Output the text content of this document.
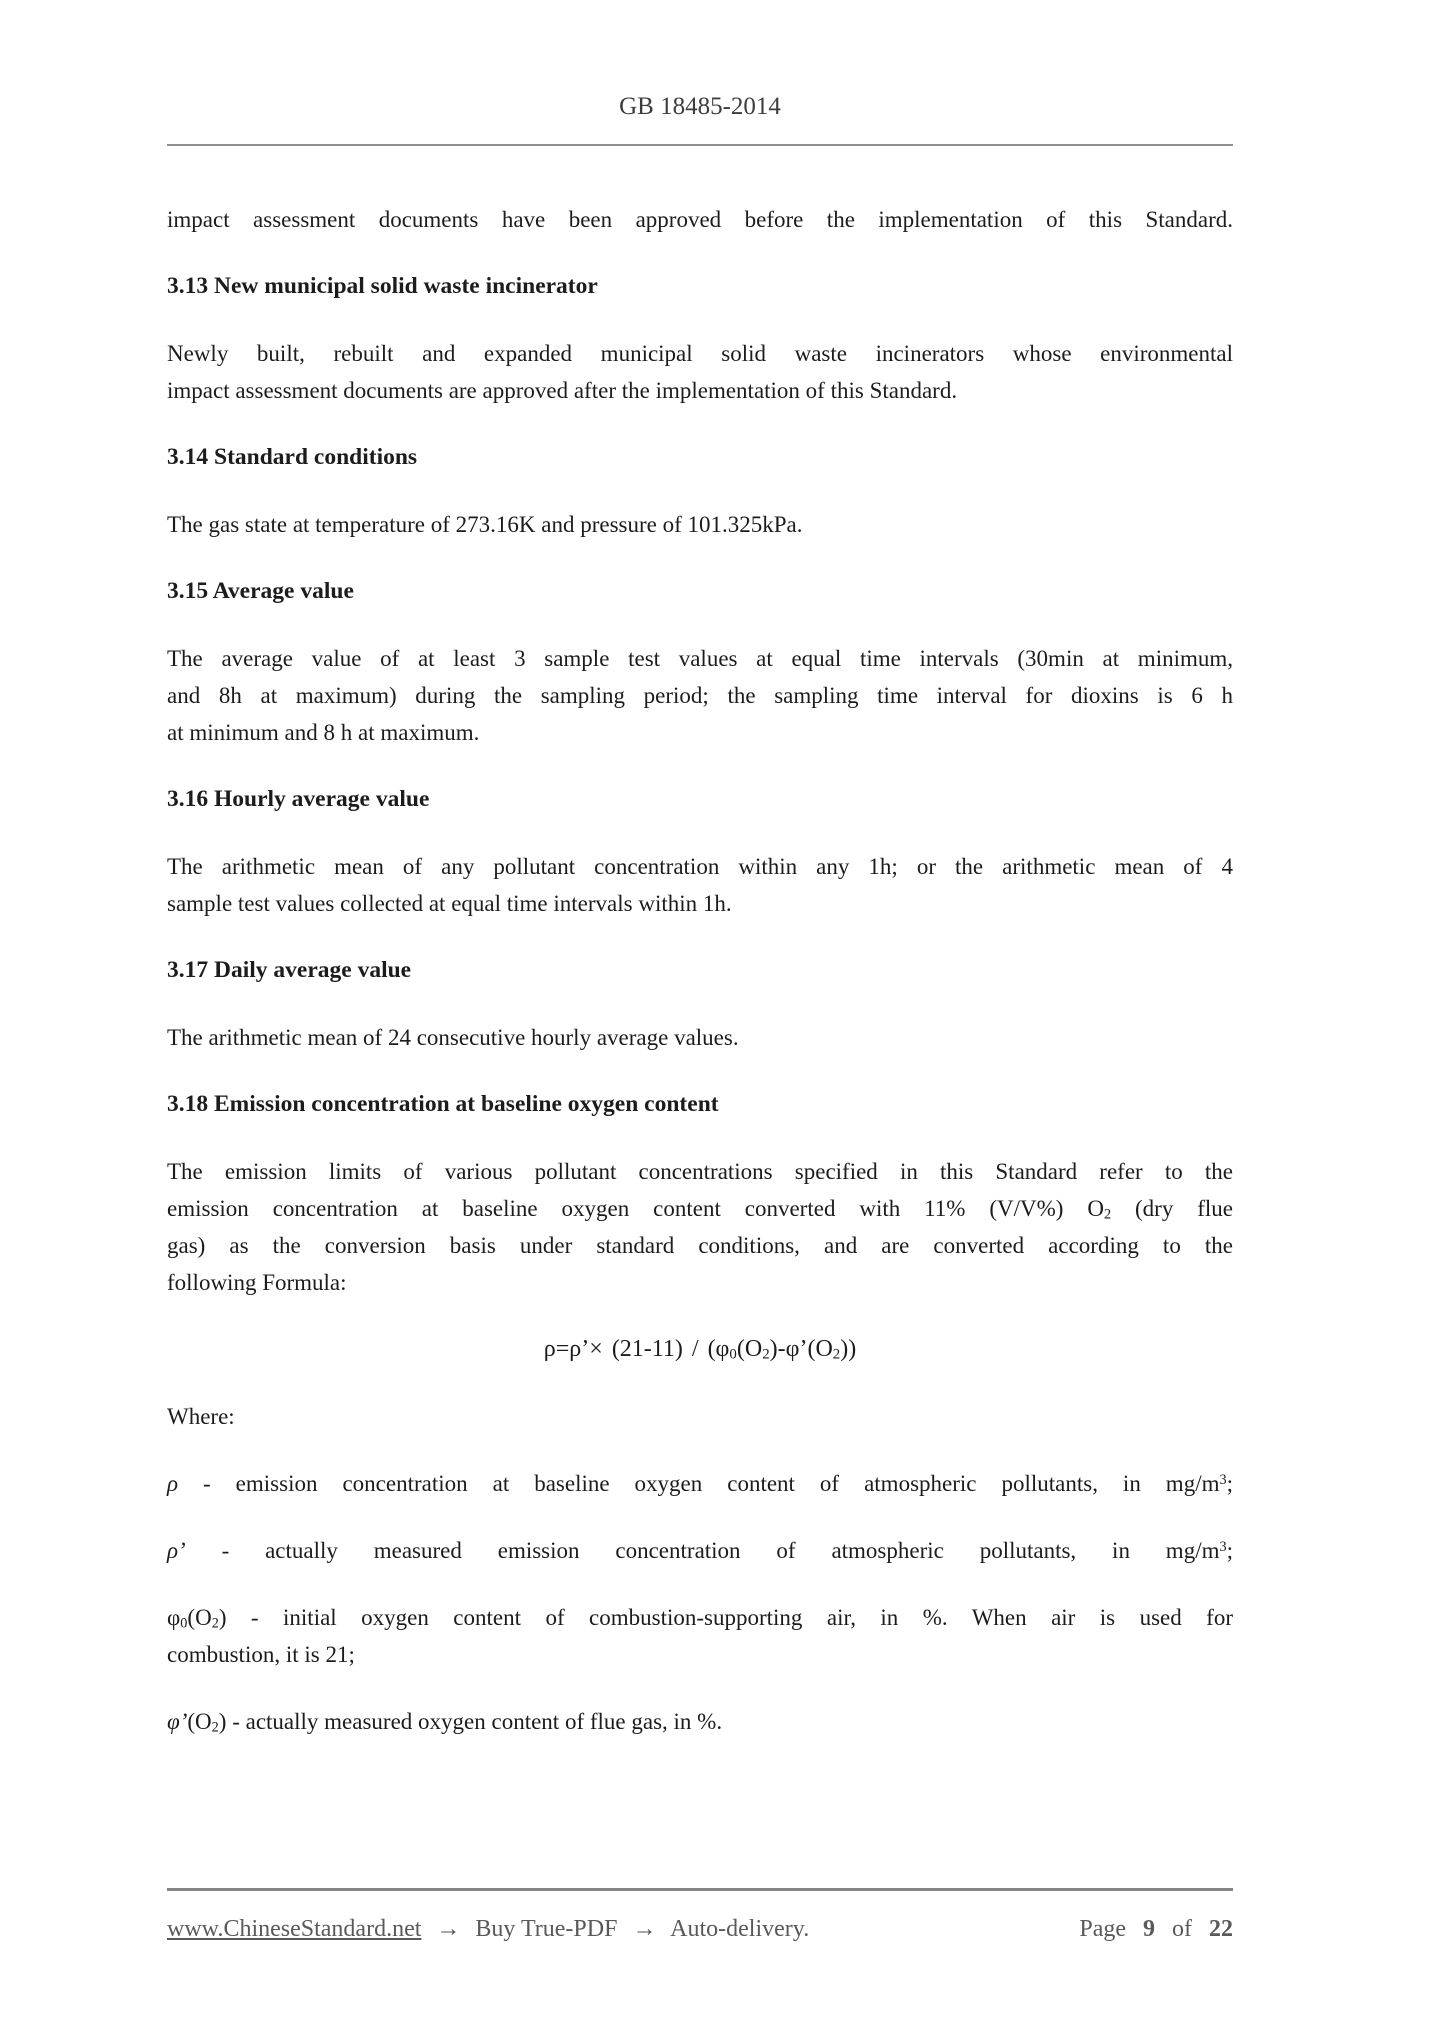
GB 18485-2014

impact assessment documents have been approved before the implementation of this Standard.

3.13 New municipal solid waste incinerator

Newly built, rebuilt and expanded municipal solid waste incinerators whose environmental

impact assessment documents are approved after the implementation of this Standard.

3.14 Standard conditions

The gas state at temperature of 273.16K and pressure of 101.325kPa.

3.15 Average value

The average value of at least 3 sample test values at equal time intervals (30min at minimum,

and 8h at maximum) during the sampling period; the sampling time interval for dioxins is 6 h

at minimum and 8 h at maximum.

3.16 Hourly average value

The arithmetic mean of any pollutant concentration within any 1h; or the arithmetic mean of 4

sample test values collected at equal time intervals within 1h.

3.17 Daily average value

The arithmetic mean of 24 consecutive hourly average values.

3.18 Emission concentration at baseline oxygen content

The emission limits of various pollutant concentrations specified in this Standard refer to the

emission concentration at baseline oxygen content converted with 11% (V/V%) $O_2$ (dry flue

gas) as the conversion basis under standard conditions, and are converted according to the

following Formula:

ρ=ρ’× $(21-11) / (\varphi_0(O_2)-\varphi’(O_2))$

Where:

ρ - emission concentration at baseline oxygen content of atmospheric pollutants, in $mg/m^3$;

ρ’ - actually measured emission concentration of atmospheric pollutants, in $mg/m^3$;

$\varphi_0(O_2)$ - initial oxygen content of combustion-supporting air, in %. When air is used for

combustion, it is 21;

$\varphi’(O_2)$ - actually measured oxygen content of flue gas, in %.

www.ChineseStandard.net → Buy True-PDF → Auto-delivery.	Page 9 of 22
